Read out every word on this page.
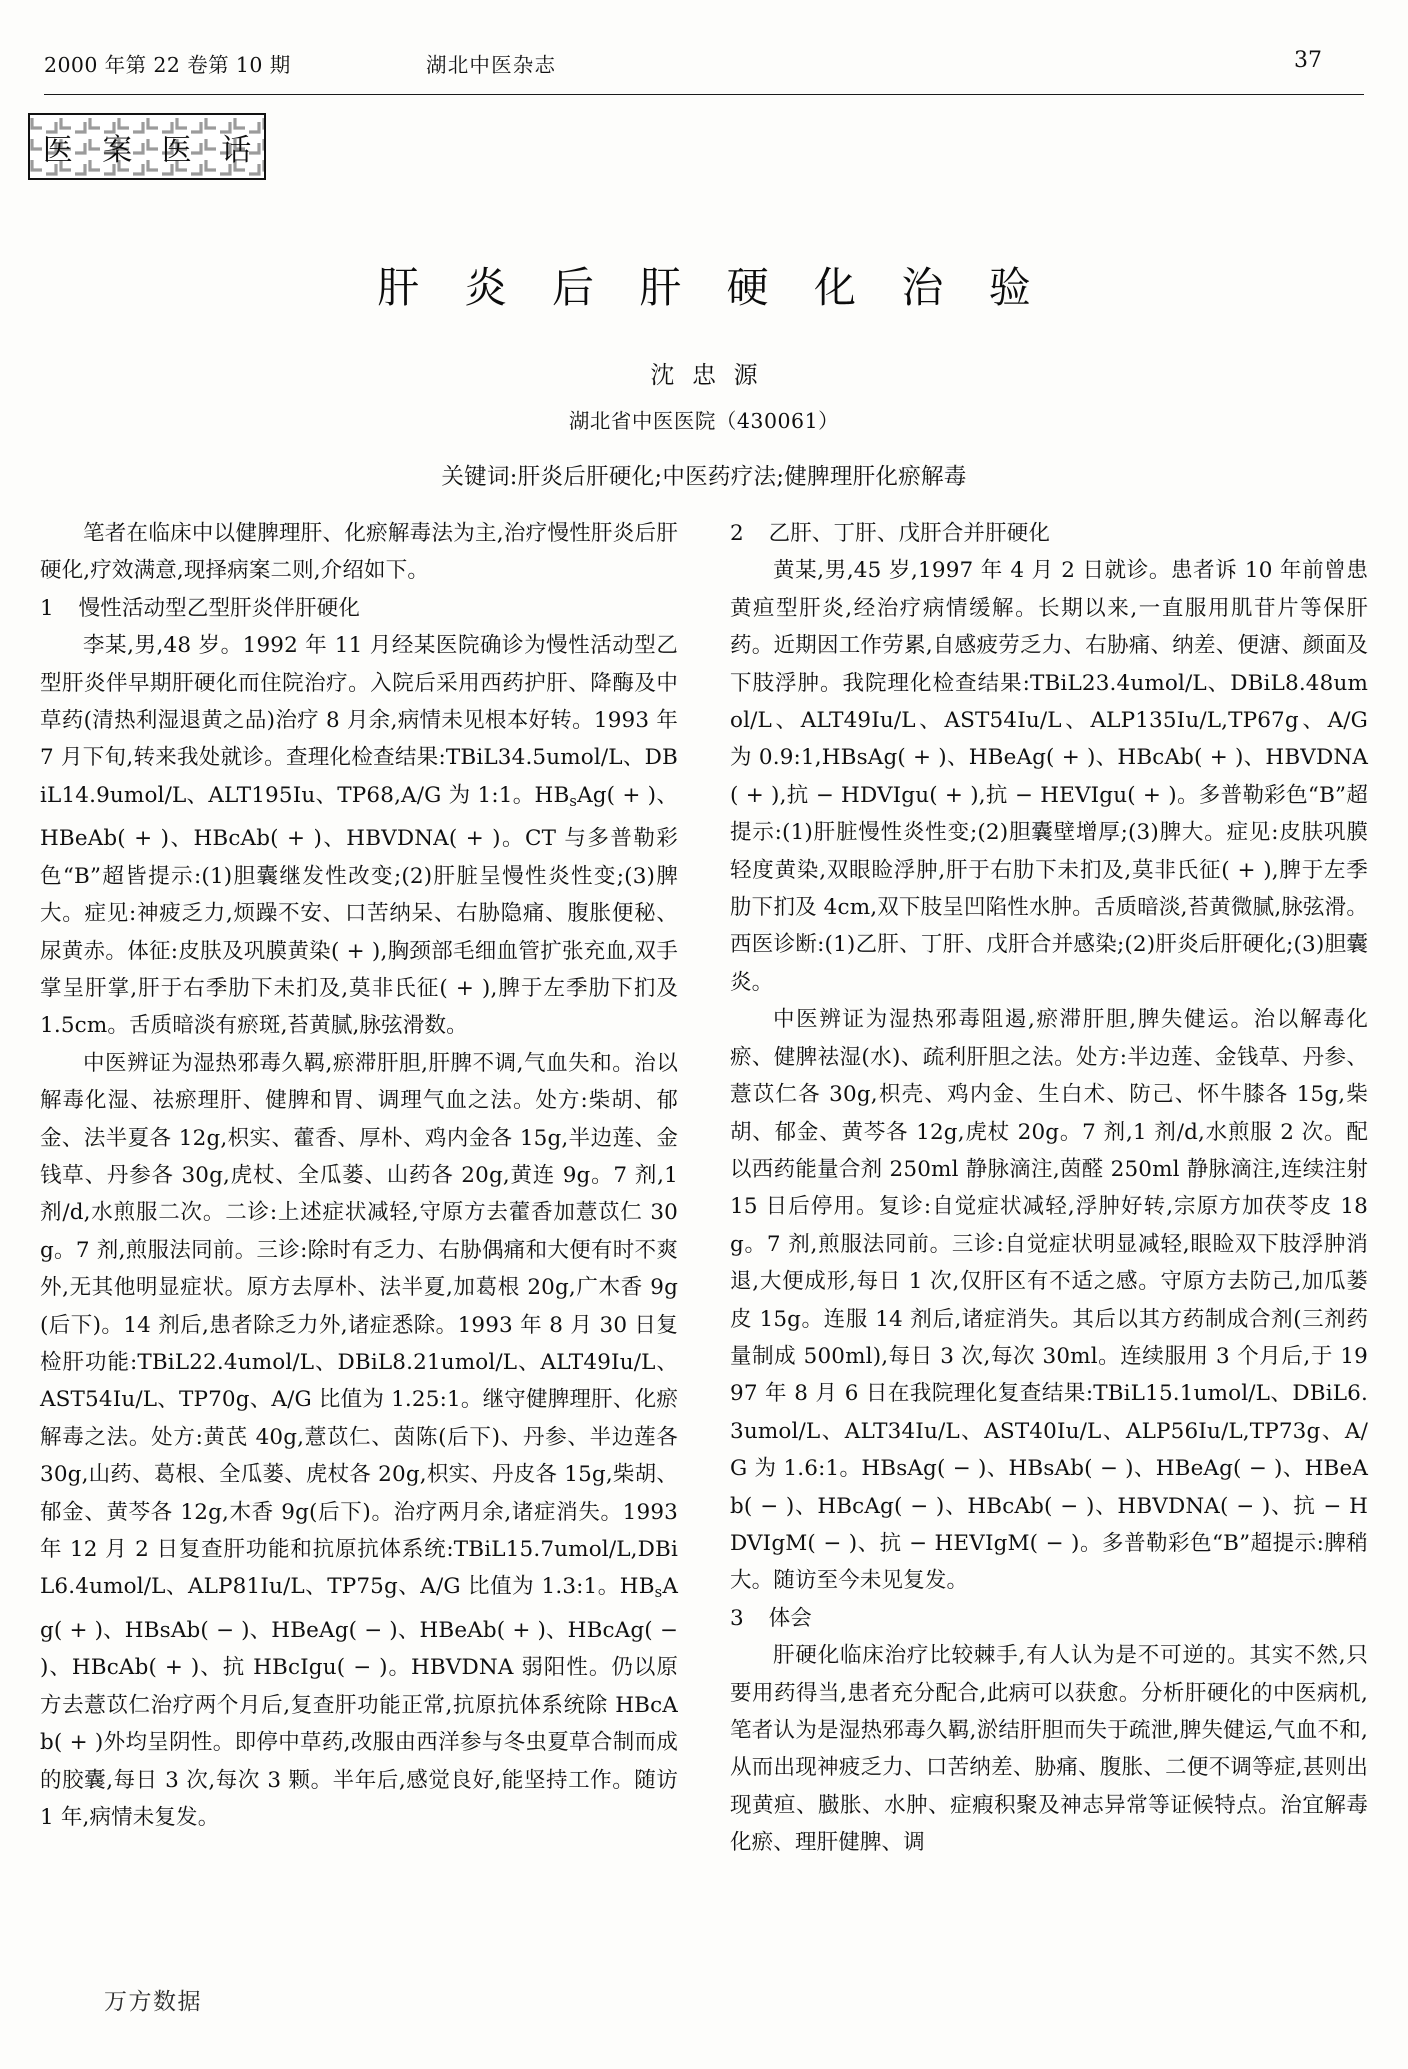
2000 年第 22 卷第 10 期	湖北中医杂志	37
医 案 医 话
肝 炎 后 肝 硬 化 治 验
沈 忠 源
湖北省中医医院（430061）
关键词:肝炎后肝硬化;中医药疗法;健脾理肝化瘀解毒

笔者在临床中以健脾理肝、化瘀解毒法为主,治疗慢性肝炎后肝硬化,疗效满意,现择病案二则,介绍如下。

1 慢性活动型乙型肝炎伴肝硬化

李某,男,48 岁。1992 年 11 月经某医院确诊为慢性活动型乙型肝炎伴早期肝硬化而住院治疗。入院后采用西药护肝、降酶及中草药(清热利湿退黄之品)治疗 8 月余,病情未见根本好转。1993 年 7 月下旬,转来我处就诊。查理化检查结果:TBiL34.5umol/L、DBiL14.9umol/L、ALT195Iu、TP68,A/G 为 1:1。$HB_sAg$( + )、HBeAb( + )、HBcAb( + )、HBVDNA( + )。CT 与多普勒彩色“B”超皆提示:(1)胆囊继发性改变;(2)肝脏呈慢性炎性变;(3)脾大。症见:神疲乏力,烦躁不安、口苦纳呆、右胁隐痛、腹胀便秘、尿黄赤。体征:皮肤及巩膜黄染( + ),胸颈部毛细血管扩张充血,双手掌呈肝掌,肝于右季肋下未扪及,莫非氏征( + ),脾于左季肋下扪及 1.5cm。舌质暗淡有瘀斑,苔黄腻,脉弦滑数。

中医辨证为湿热邪毒久羁,瘀滞肝胆,肝脾不调,气血失和。治以解毒化湿、祛瘀理肝、健脾和胃、调理气血之法。处方:柴胡、郁金、法半夏各 12g,枳实、藿香、厚朴、鸡内金各 15g,半边莲、金钱草、丹参各 30g,虎杖、全瓜蒌、山药各 20g,黄连 9g。7 剂,1 剂/d,水煎服二次。二诊:上述症状减轻,守原方去藿香加薏苡仁 30g。7 剂,煎服法同前。三诊:除时有乏力、右胁偶痛和大便有时不爽外,无其他明显症状。原方去厚朴、法半夏,加葛根 20g,广木香 9g(后下)。14 剂后,患者除乏力外,诸症悉除。1993 年 8 月 30 日复检肝功能:TBiL22.4umol/L、DBiL8.21umol/L、ALT49Iu/L、AST54Iu/L、TP70g、A/G 比值为 1.25:1。继守健脾理肝、化瘀解毒之法。处方:黄芪 40g,薏苡仁、茵陈(后下)、丹参、半边莲各 30g,山药、葛根、全瓜蒌、虎杖各 20g,枳实、丹皮各 15g,柴胡、郁金、黄芩各 12g,木香 9g(后下)。治疗两月余,诸症消失。1993 年 12 月 2 日复查肝功能和抗原抗体系统:TBiL15.7umol/L,DBiL6.4umol/L、ALP81Iu/L、TP75g、A/G 比值为 1.3:1。$HB_sAg$( + )、HBsAb( − )、HBeAg( − )、HBeAb( + )、HBcAg( − )、HBcAb( + )、抗 HBcIgu( − )。HBVDNA 弱阳性。仍以原方去薏苡仁治疗两个月后,复查肝功能正常,抗原抗体系统除 HBcAb( + )外均呈阴性。即停中草药,改服由西洋参与冬虫夏草合制而成的胶囊,每日 3 次,每次 3 颗。半年后,感觉良好,能坚持工作。随访 1 年,病情未复发。

2 乙肝、丁肝、戊肝合并肝硬化

黄某,男,45 岁,1997 年 4 月 2 日就诊。患者诉 10 年前曾患黄疸型肝炎,经治疗病情缓解。长期以来,一直服用肌苷片等保肝药。近期因工作劳累,自感疲劳乏力、右胁痛、纳差、便溏、颜面及下肢浮肿。我院理化检查结果:TBiL23.4umol/L、DBiL8.48umol/L、ALT49Iu/L、AST54Iu/L、ALP135Iu/L,TP67g、A/G 为 0.9:1,HBsAg( + )、HBeAg( + )、HBcAb( + )、HBVDNA( + ),抗 − HDVIgu( + ),抗 − HEVIgu( + )。多普勒彩色“B”超提示:(1)肝脏慢性炎性变;(2)胆囊壁增厚;(3)脾大。症见:皮肤巩膜轻度黄染,双眼睑浮肿,肝于右肋下未扪及,莫非氏征( + ),脾于左季肋下扪及 4cm,双下肢呈凹陷性水肿。舌质暗淡,苔黄微腻,脉弦滑。西医诊断:(1)乙肝、丁肝、戊肝合并感染;(2)肝炎后肝硬化;(3)胆囊炎。

中医辨证为湿热邪毒阻遏,瘀滞肝胆,脾失健运。治以解毒化瘀、健脾祛湿(水)、疏利肝胆之法。处方:半边莲、金钱草、丹参、薏苡仁各 30g,枳壳、鸡内金、生白术、防己、怀牛膝各 15g,柴胡、郁金、黄芩各 12g,虎杖 20g。7 剂,1 剂/d,水煎服 2 次。配以西药能量合剂 250ml 静脉滴注,茵醛 250ml 静脉滴注,连续注射 15 日后停用。复诊:自觉症状减轻,浮肿好转,宗原方加茯苓皮 18g。7 剂,煎服法同前。三诊:自觉症状明显减轻,眼睑双下肢浮肿消退,大便成形,每日 1 次,仅肝区有不适之感。守原方去防己,加瓜蒌皮 15g。连服 14 剂后,诸症消失。其后以其方药制成合剂(三剂药量制成 500ml),每日 3 次,每次 30ml。连续服用 3 个月后,于 1997 年 8 月 6 日在我院理化复查结果:TBiL15.1umol/L、DBiL6.3umol/L、ALT34Iu/L、AST40Iu/L、ALP56Iu/L,TP73g、A/G 为 1.6:1。HBsAg( − )、HBsAb( − )、HBeAg( − )、HBeAb( − )、HBcAg( − )、HBcAb( − )、HBVDNA( − )、抗 − HDVIgM( − )、抗 − HEVIgM( − )。多普勒彩色“B”超提示:脾稍大。随访至今未见复发。

3 体会

肝硬化临床治疗比较棘手,有人认为是不可逆的。其实不然,只要用药得当,患者充分配合,此病可以获愈。分析肝硬化的中医病机,笔者认为是湿热邪毒久羁,淤结肝胆而失于疏泄,脾失健运,气血不和,从而出现神疲乏力、口苦纳差、胁痛、腹胀、二便不调等症,甚则出现黄疸、臌胀、水肿、症瘕积聚及神志异常等证候特点。治宜解毒化瘀、理肝健脾、调

万方数据
